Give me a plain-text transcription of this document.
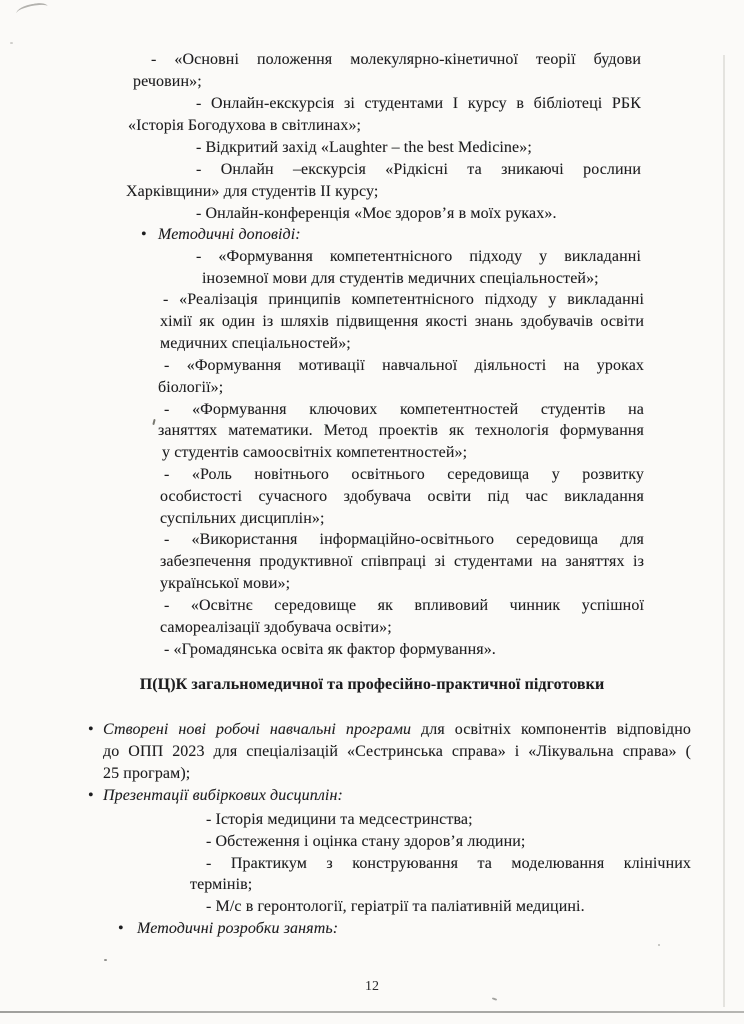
12
- «Основні положення молекулярно-кінетичної теорії будови
речовин»;
- Онлайн-екскурсія зі студентами I курсу в бібліотеці РБК
«Історія Богодухова в світлинах»;
- Відкритий захід «Laughter – the best Medicine»;
- Онлайн –екскурсія «Рідкісні та зникаючі рослини
Харківщини» для студентів II курсу;
- Онлайн-конференція «Моє здоров’я в моїх руках».
• Методичні доповіді:
- «Формування компетентнісного підходу у викладанні
іноземної мови для студентів медичних спеціальностей»;
- «Реалізація принципів компетентнісного підходу у викладанні
хімії як один із шляхів підвищення якості знань здобувачів освіти
медичних спеціальностей»;
- «Формування мотивації навчальної діяльності на уроках
біології»;
- «Формування ключових компетентностей студентів на
заняттях математики. Метод проектів як технологія формування
у студентів самоосвітніх компетентностей»;
- «Роль новітнього освітнього середовища у розвитку
особистості сучасного здобувача освіти під час викладання
суспільних дисциплін»;
- «Використання інформаційно-освітнього середовища для
забезпечення продуктивної співпраці зі студентами на заняттях із
української мови»;
- «Освітнє середовище як впливовий чинник успішної
самореалізації здобувача освіти»;
- «Громадянська освіта як фактор формування».
П(Ц)К загальномедичної та професійно-практичної підготовки
• Створені нові робочі навчальні програми для освітніх компонентів відповідно
до ОПП 2023 для спеціалізацій «Сестринська справа» і «Лікувальна справа» (
25 програм);
• Презентації вибіркових дисциплін:
- Історія медицини та медсестринства;
- Обстеження і оцінка стану здоров’я людини;
- Практикум з конструювання та моделювання клінічних
термінів;
- М/с в геронтології, геріатрії та паліативній медицині.
• Методичні розробки занять:
